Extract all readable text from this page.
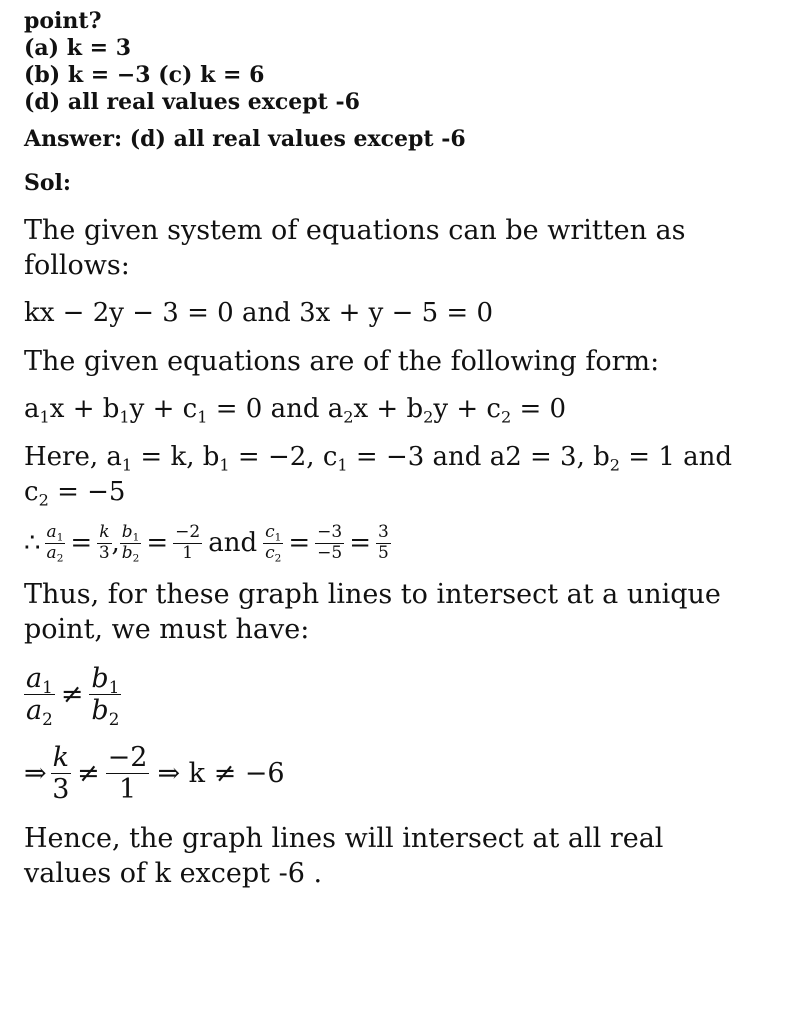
point?

(a) k = 3

(b) k = −3 (c) k = 6

(d) all real values except -6

Answer: (d) all real values except -6

Sol:

The given system of equations can be written as follows:

kx − 2y − 3 = 0 and 3x + y − 5 = 0

The given equations are of the following form:

$a_1x + b_1y + c_1 = 0$ and $a_2x + b_2y + c_2 = 0$

Here, $a_1 = k$, $b_1 = -2$, $c_1 = -3$ and a2 = 3, $b_2 = 1$ and

$c_2 = -5$

∴ $\frac{a_1}{a_2} = \frac{k}{3}$ , $\frac{b_1}{b_2} = \frac{-2}{1}$ and $\frac{c_1}{c_2} = \frac{-3}{-5} = \frac{3}{5}$

Thus, for these graph lines to intersect at a unique point, we must have:

$\frac{a_1}{a_2} \ne \frac{b_1}{b_2}$
⇒ $\frac{k}{3} \ne \frac{-2}{1}$ ⇒ k ≠ −6

Hence, the graph lines will intersect at all real values of k except -6 .
